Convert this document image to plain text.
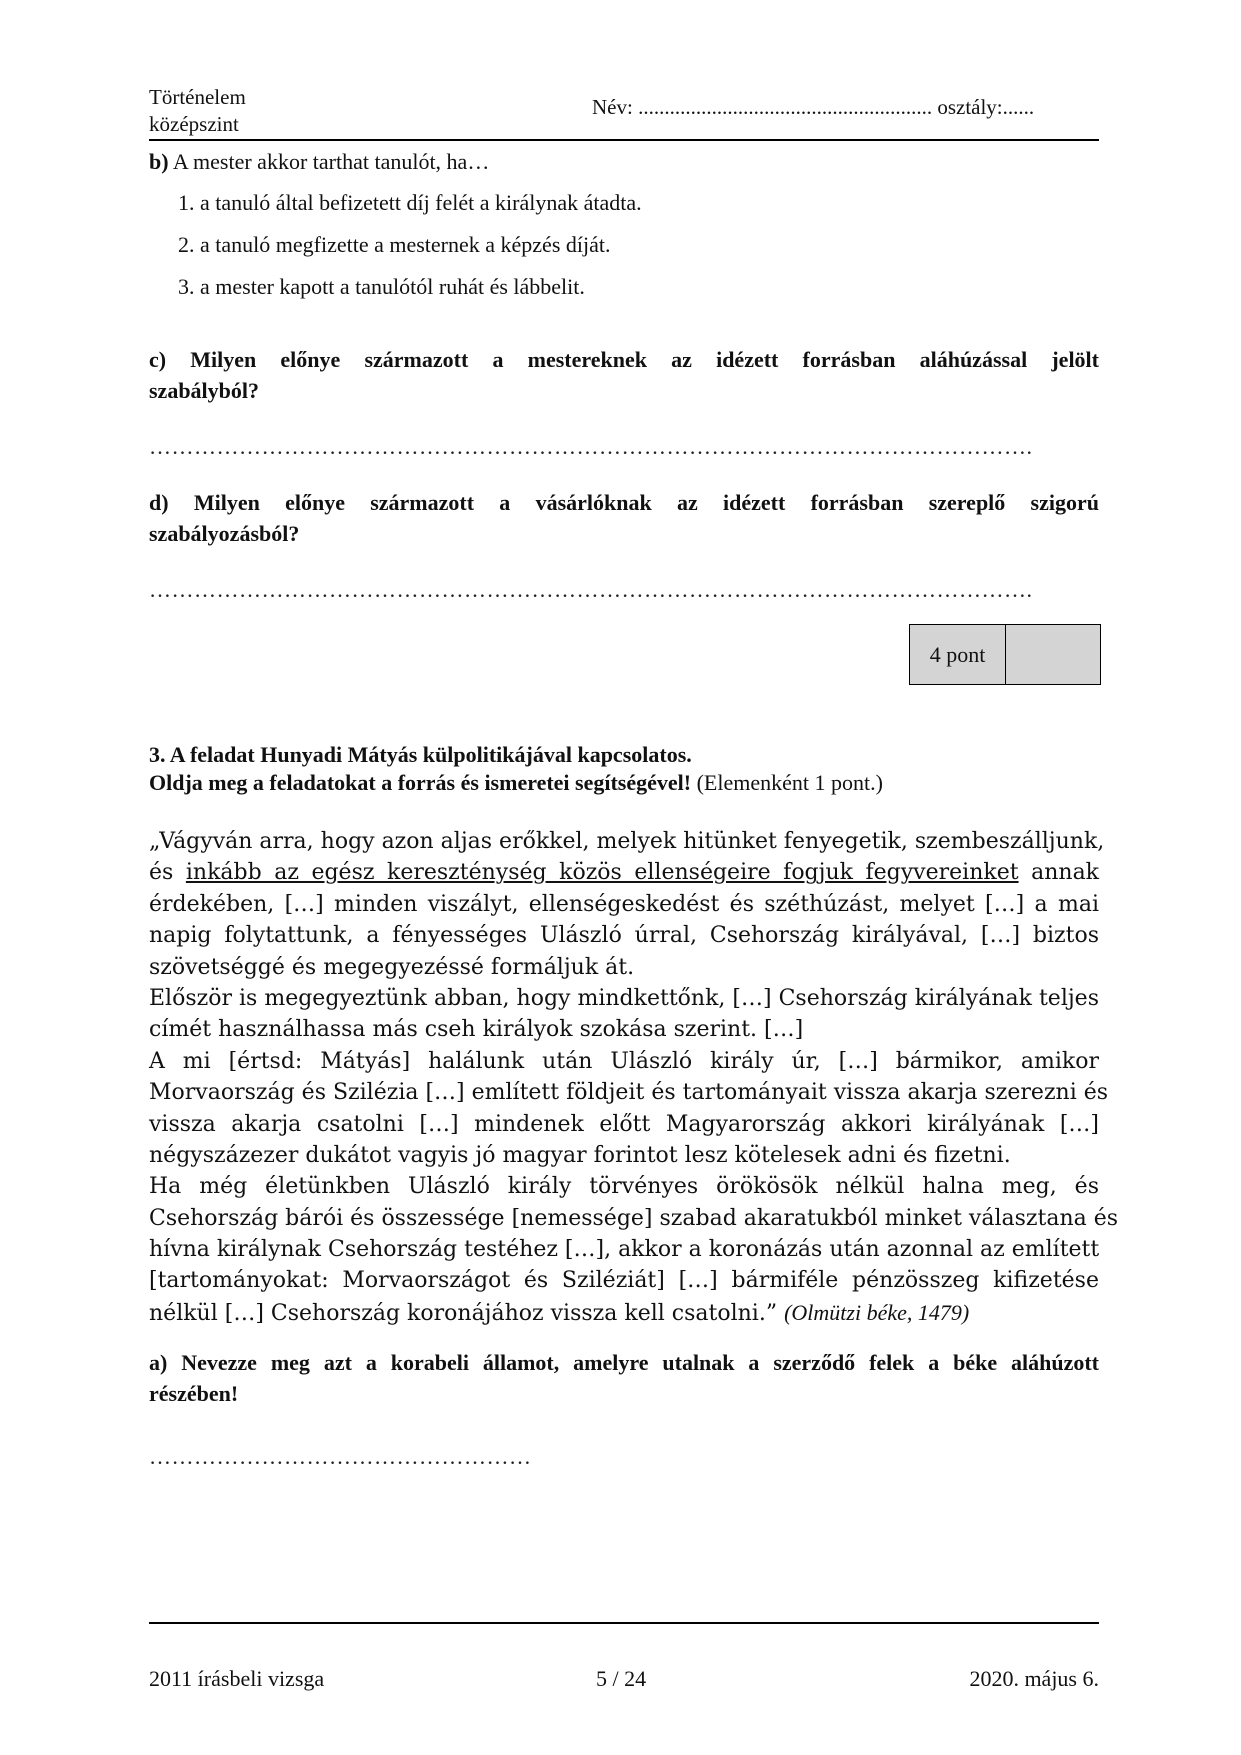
Történelem
középszint
Név: ........................................................ osztály:......
b) A mester akkor tarthat tanulót, ha…
1. a tanuló által befizetett díj felét a királynak átadta.
2. a tanuló megfizette a mesternek a képzés díját.
3. a mester kapott a tanulótól ruhát és lábbelit.
c) Milyen előnye származott a mestereknek az idézett forrásban aláhúzással jelölt
szabályból?
……………………………………………………………………………………………………….
d) Milyen előnye származott a vásárlóknak az idézett forrásban szereplő szigorú
szabályozásból?
……………………………………………………………………………………………………….
4 pont
3. A feladat Hunyadi Mátyás külpolitikájával kapcsolatos.
Oldja meg a feladatokat a forrás és ismeretei segítségével! (Elemenként 1 pont.)
„Vágyván arra, hogy azon aljas erőkkel, melyek hitünket fenyegetik, szembeszálljunk,
és inkább az egész kereszténység közös ellenségeire fogjuk fegyvereinket annak
érdekében, […] minden viszályt, ellenségeskedést és széthúzást, melyet […] a mai
napig folytattunk, a fényességes Ulászló úrral, Csehország királyával, […] biztos
szövetséggé és megegyezéssé formáljuk át.
Először is megegyeztünk abban, hogy mindkettőnk, […] Csehország királyának teljes
címét használhassa más cseh királyok szokása szerint. […]
A mi [értsd: Mátyás] halálunk után Ulászló király úr, […] bármikor, amikor
Morvaország és Szilézia […] említett földjeit és tartományait vissza akarja szerezni és
vissza akarja csatolni […] mindenek előtt Magyarország akkori királyának […]
négyszázezer dukátot vagyis jó magyar forintot lesz kötelesek adni és fizetni.
Ha még életünkben Ulászló király törvényes örökösök nélkül halna meg, és
Csehország bárói és összessége [nemessége] szabad akaratukból minket választana és
hívna királynak Csehország testéhez […], akkor a koronázás után azonnal az említett
[tartományokat: Morvaországot és Sziléziát] […] bármiféle pénzösszeg kifizetése
nélkül […] Csehország koronájához vissza kell csatolni.” (Olmützi béke, 1479)
a) Nevezze meg azt a korabeli államot, amelyre utalnak a szerződő felek a béke aláhúzott
részében!
……………………………………………
2011 írásbeli vizsga	5 / 24	2020. május 6.
